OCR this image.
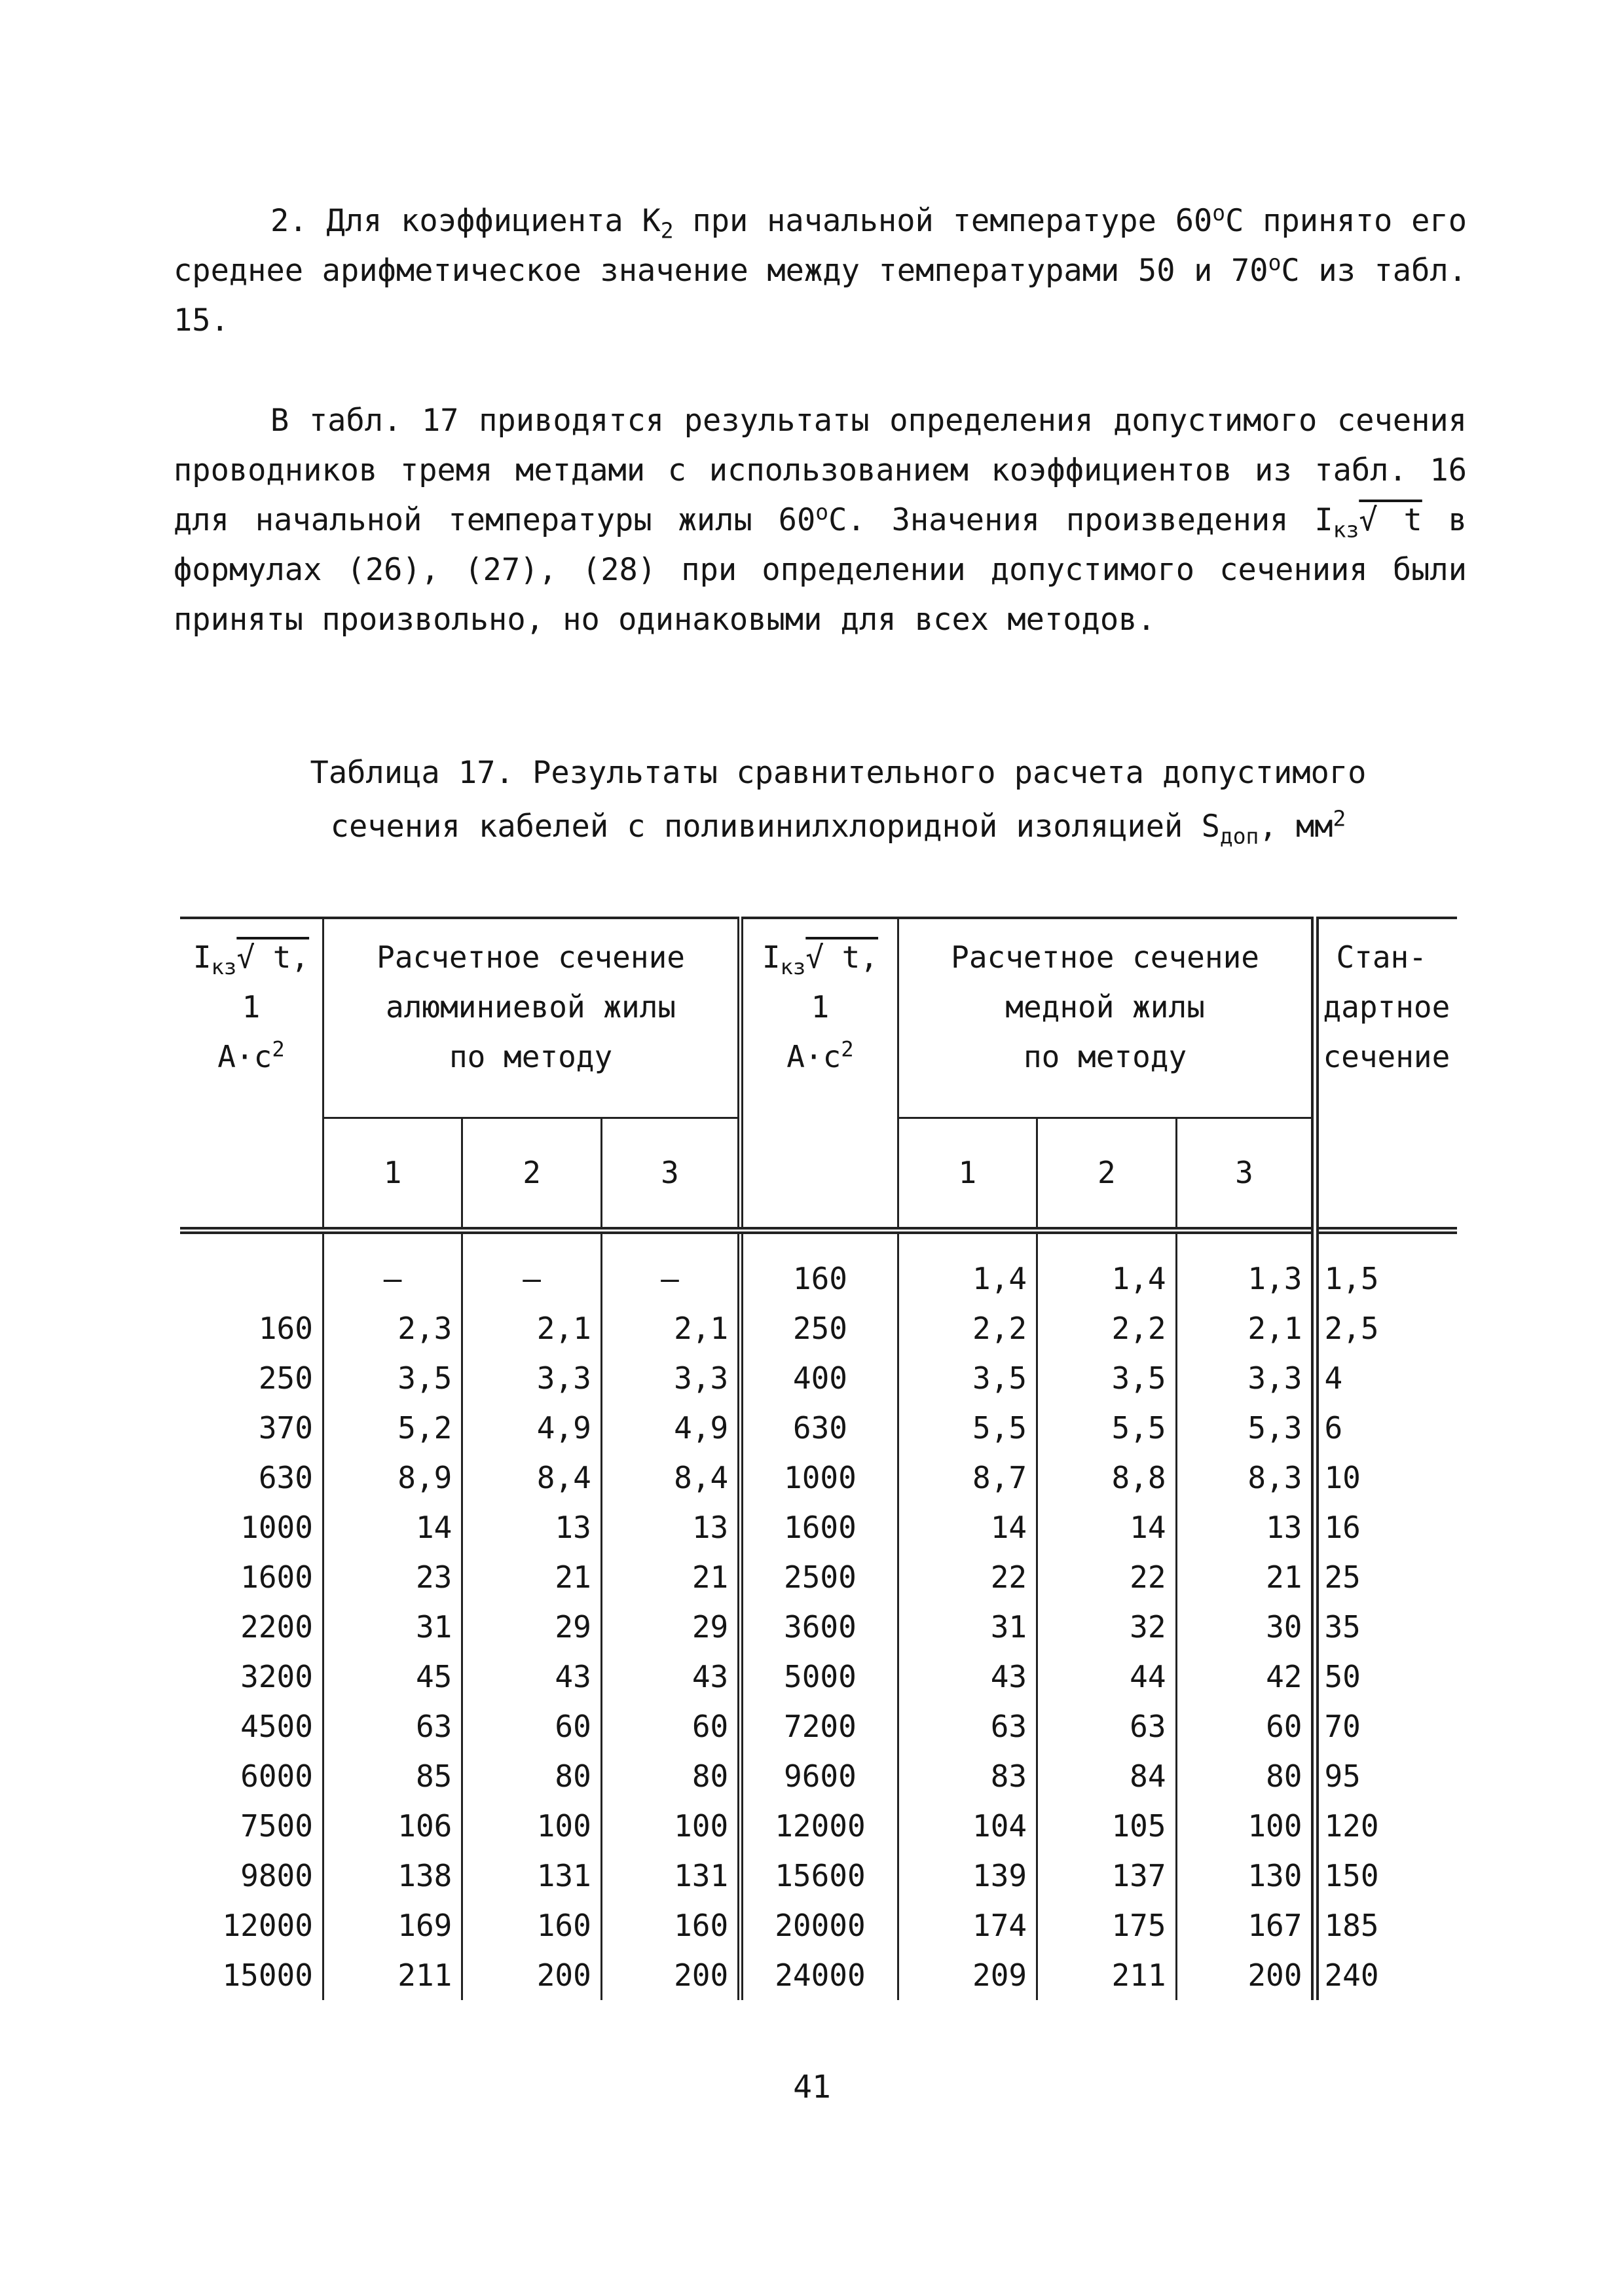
2. Для коэффициента $K_2$ при начальной температуре $60^оС$ принято его среднее арифметическое значение между температурами 50 и $70^оС$ из табл. 15.

В табл. 17 приводятся результаты определения допустимого сечения проводников тремя метдами с использованием коэффициентов из табл. 16 для начальной температуры жилы $60^оС$. Значения произведения $I_{кз}√$ t в формулах (26), (27), (28) при определении допустимого сечениия были приняты произвольно, но одинаковыми для всех методов.

Таблица 17. Результаты сравнительного расчета допустимого
сечения кабелей с поливинилхлоридной изоляцией $S_{доп}$, $мм^2$

$I_{кз}√$ t,
1
$A\cdot c^2$	Расчетное сечение
алюминиевой жилы
по методу			$I_{кз}√$ t,
1
$A\cdot c^2$	Расчетное сечение
медной жилы
по методу			Стан-
дартное
сечение

	1	2	3		1	2	3	
	–	–	–	160	1,4	1,4	1,3	1,5
160	2,3	2,1	2,1	250	2,2	2,2	2,1	2,5
250	3,5	3,3	3,3	400	3,5	3,5	3,3	4
370	5,2	4,9	4,9	630	5,5	5,5	5,3	6
630	8,9	8,4	8,4	1000	8,7	8,8	8,3	10
1000	14	13	13	1600	14	14	13	16
1600	23	21	21	2500	22	22	21	25
2200	31	29	29	3600	31	32	30	35
3200	45	43	43	5000	43	44	42	50
4500	63	60	60	7200	63	63	60	70
6000	85	80	80	9600	83	84	80	95
7500	106	100	100	12000	104	105	100	120
9800	138	131	131	15600	139	137	130	150
12000	169	160	160	20000	174	175	167	185
15000	211	200	200	24000	209	211	200	240
41
